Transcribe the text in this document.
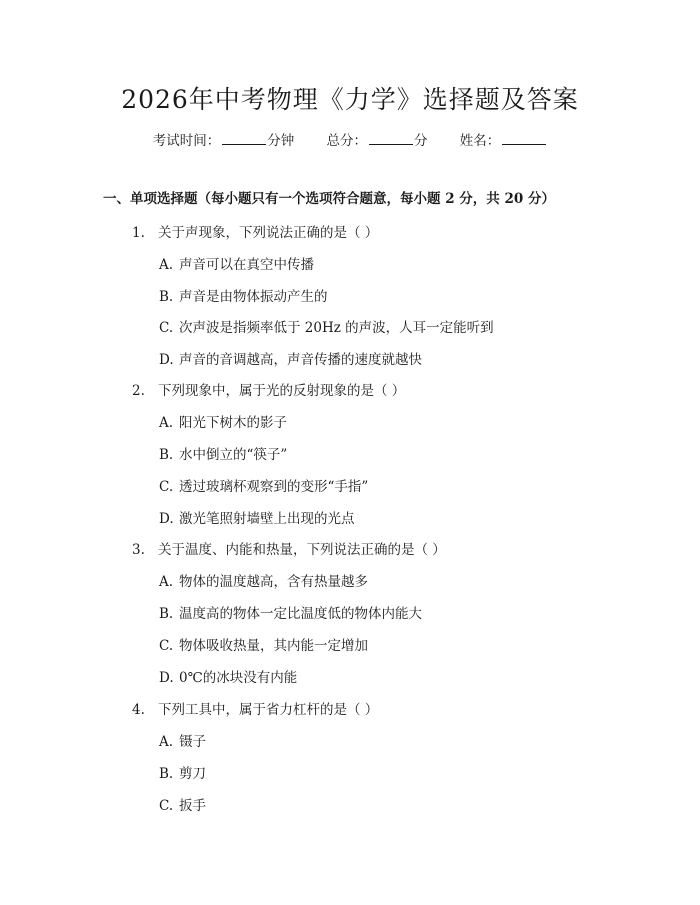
2026年中考物理《力学》选择题及答案
考试时间：	分钟 总分：	分 姓名：
一、单项选择题（每小题只有一个选项符合题意，每小题 2 分，共 20 分）
1. 关于声现象，下列说法正确的是（ ）
A. 声音可以在真空中传播
B. 声音是由物体振动产生的
C. 次声波是指频率低于 20Hz 的声波，人耳一定能听到
D. 声音的音调越高，声音传播的速度就越快
2. 下列现象中，属于光的反射现象的是（ ）
A. 阳光下树木的影子
B. 水中倒立的“筷子”
C. 透过玻璃杯观察到的变形“手指”
D. 激光笔照射墙壁上出现的光点
3. 关于温度、内能和热量，下列说法正确的是（ ）
A. 物体的温度越高，含有热量越多
B. 温度高的物体一定比温度低的物体内能大
C. 物体吸收热量，其内能一定增加
D. 0℃的冰块没有内能
4. 下列工具中，属于省力杠杆的是（ ）
A. 镊子
B. 剪刀
C. 扳手
